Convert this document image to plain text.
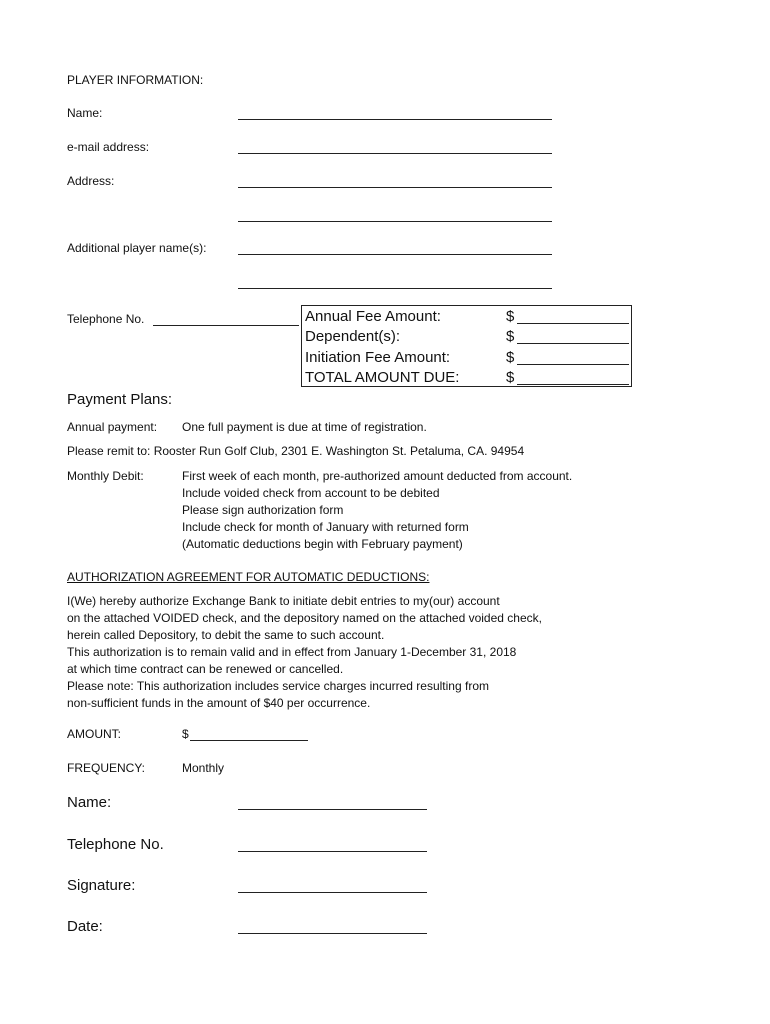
PLAYER INFORMATION:
Name:
e-mail address:
Address:
Additional player name(s):
Telephone No.	Annual Fee Amount:	$
Dependent(s):	$
Initiation Fee Amount:	$
TOTAL AMOUNT DUE:	$
Payment Plans:
Annual payment: One full payment is due at time of registration.
Please remit to: Rooster Run Golf Club, 2301 E. Washington St. Petaluma, CA. 94954
Monthly Debit:	First week of each month, pre-authorized amount deducted from account.
Include voided check from account to be debited
Please sign authorization form
Include check for month of January with returned form
(Automatic deductions begin with February payment)
AUTHORIZATION AGREEMENT FOR AUTOMATIC DEDUCTIONS:
I(We) hereby authorize Exchange Bank to initiate debit entries to my(our) account
on the attached VOIDED check, and the depository named on the attached voided check,
herein called Depository, to debit the same to such account.
This authorization is to remain valid and in effect from January 1-December 31, 2018
at which time contract can be renewed or cancelled.
Please note: This authorization includes service charges incurred resulting from
non-sufficient funds in the amount of $40 per occurrence.
AMOUNT:	$
FREQUENCY:	Monthly
Name:
Telephone No.
Signature:
Date:
